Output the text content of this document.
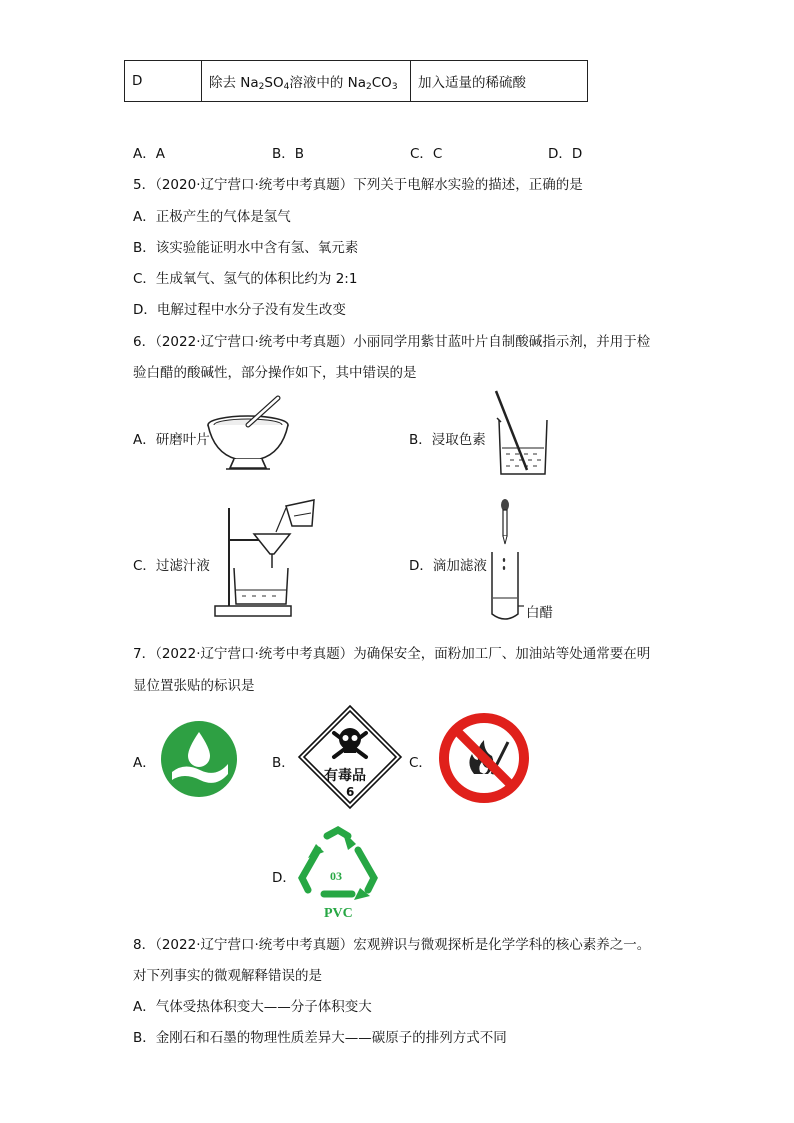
D	除去 $Na_2SO_4$溶液中的 $Na_2CO_3$	加入适量的稀硫酸
A．A	B．B	C．C	D．D
5．（2020·辽宁营口·统考中考真题）下列关于电解水实验的描述，正确的是
A．正极产生的气体是氢气
B．该实验能证明水中含有氢、氧元素
C．生成氧气、氢气的体积比约为 2:1
D．电解过程中水分子没有发生改变
6．（2022·辽宁营口·统考中考真题）小丽同学用紫甘蓝叶片自制酸碱指示剂，并用于检
验白醋的酸碱性，部分操作如下，其中错误的是
A．研磨叶片	B．浸取色素
C．过滤汁液	D．滴加滤液
白醋
7．（2022·辽宁营口·统考中考真题）为确保安全，面粉加工厂、加油站等处通常要在明
显位置张贴的标识是
A．	B．
有毒品
6
C．
D．	03
PVC
8．（2022·辽宁营口·统考中考真题）宏观辨识与微观探析是化学学科的核心素养之一。
对下列事实的微观解释错误的是
A．气体受热体积变大——分子体积变大
B．金刚石和石墨的物理性质差异大——碳原子的排列方式不同
